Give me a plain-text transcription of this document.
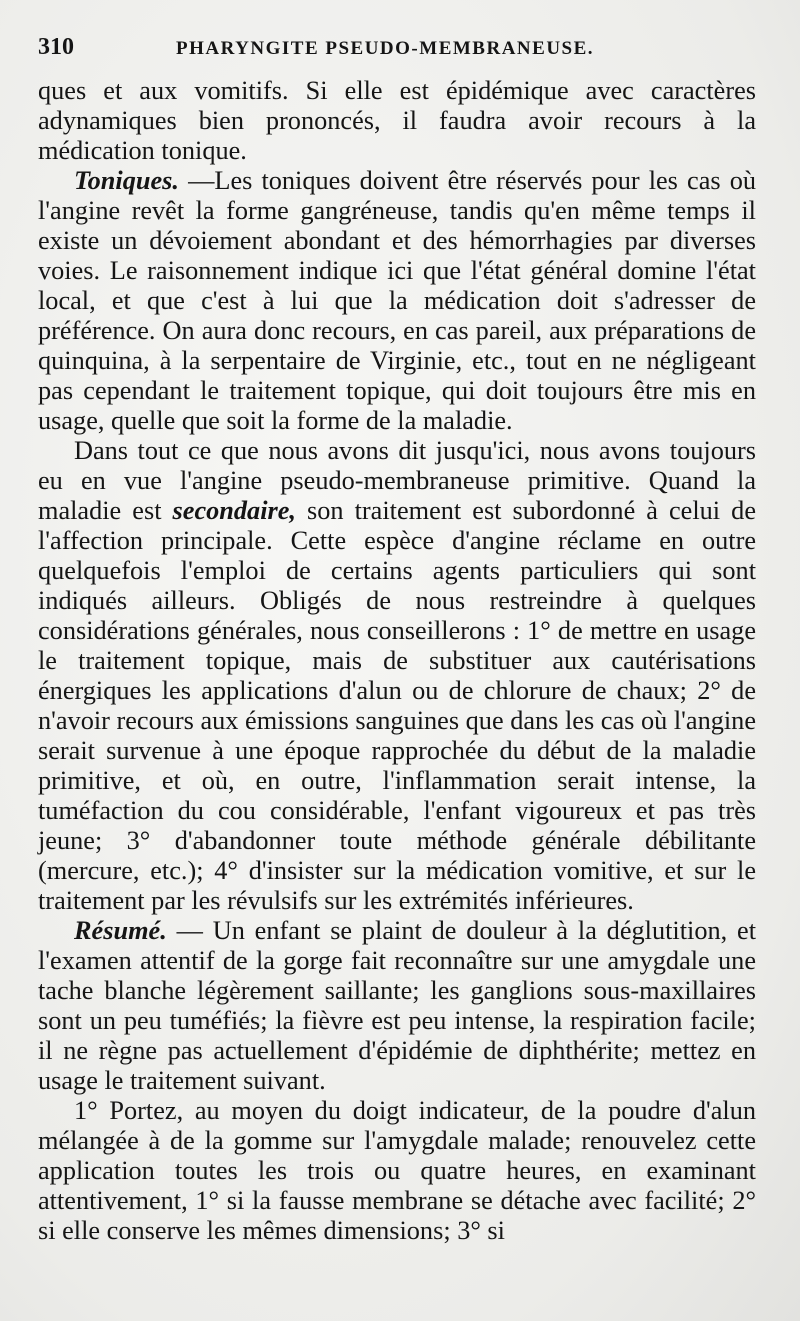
310	PHARYNGITE PSEUDO-MEMBRANEUSE.

ques et aux vomitifs. Si elle est épidémique avec caractères adynamiques bien prononcés, il faudra avoir recours à la médication tonique.

Toniques. —Les toniques doivent être réservés pour les cas où l'angine revêt la forme gangréneuse, tandis qu'en même temps il existe un dévoiement abondant et des hémorrhagies par diverses voies. Le raisonnement indique ici que l'état général domine l'état local, et que c'est à lui que la médication doit s'adresser de préférence. On aura donc recours, en cas pareil, aux préparations de quinquina, à la serpentaire de Virginie, etc., tout en ne négligeant pas cependant le traitement topique, qui doit toujours être mis en usage, quelle que soit la forme de la maladie.

Dans tout ce que nous avons dit jusqu'ici, nous avons toujours eu en vue l'angine pseudo-membraneuse primitive. Quand la maladie est secondaire, son traitement est subordonné à celui de l'affection principale. Cette espèce d'angine réclame en outre quelquefois l'emploi de certains agents particuliers qui sont indiqués ailleurs. Obligés de nous restreindre à quelques considérations générales, nous conseillerons : 1° de mettre en usage le traitement topique, mais de substituer aux cautérisations énergiques les applications d'alun ou de chlorure de chaux; 2° de n'avoir recours aux émissions sanguines que dans les cas où l'angine serait survenue à une époque rapprochée du début de la maladie primitive, et où, en outre, l'inflammation serait intense, la tuméfaction du cou considérable, l'enfant vigoureux et pas très jeune; 3° d'abandonner toute méthode générale débilitante (mercure, etc.); 4° d'insister sur la médication vomitive, et sur le traitement par les révulsifs sur les extrémités inférieures.

Résumé. — Un enfant se plaint de douleur à la déglutition, et l'examen attentif de la gorge fait reconnaître sur une amygdale une tache blanche légèrement saillante; les ganglions sous-maxillaires sont un peu tuméfiés; la fièvre est peu intense, la respiration facile; il ne règne pas actuellement d'épidémie de diphthérite; mettez en usage le traitement suivant.

1° Portez, au moyen du doigt indicateur, de la poudre d'alun mélangée à de la gomme sur l'amygdale malade; renouvelez cette application toutes les trois ou quatre heures, en examinant attentivement, 1° si la fausse membrane se détache avec facilité; 2° si elle conserve les mêmes dimensions; 3° si
